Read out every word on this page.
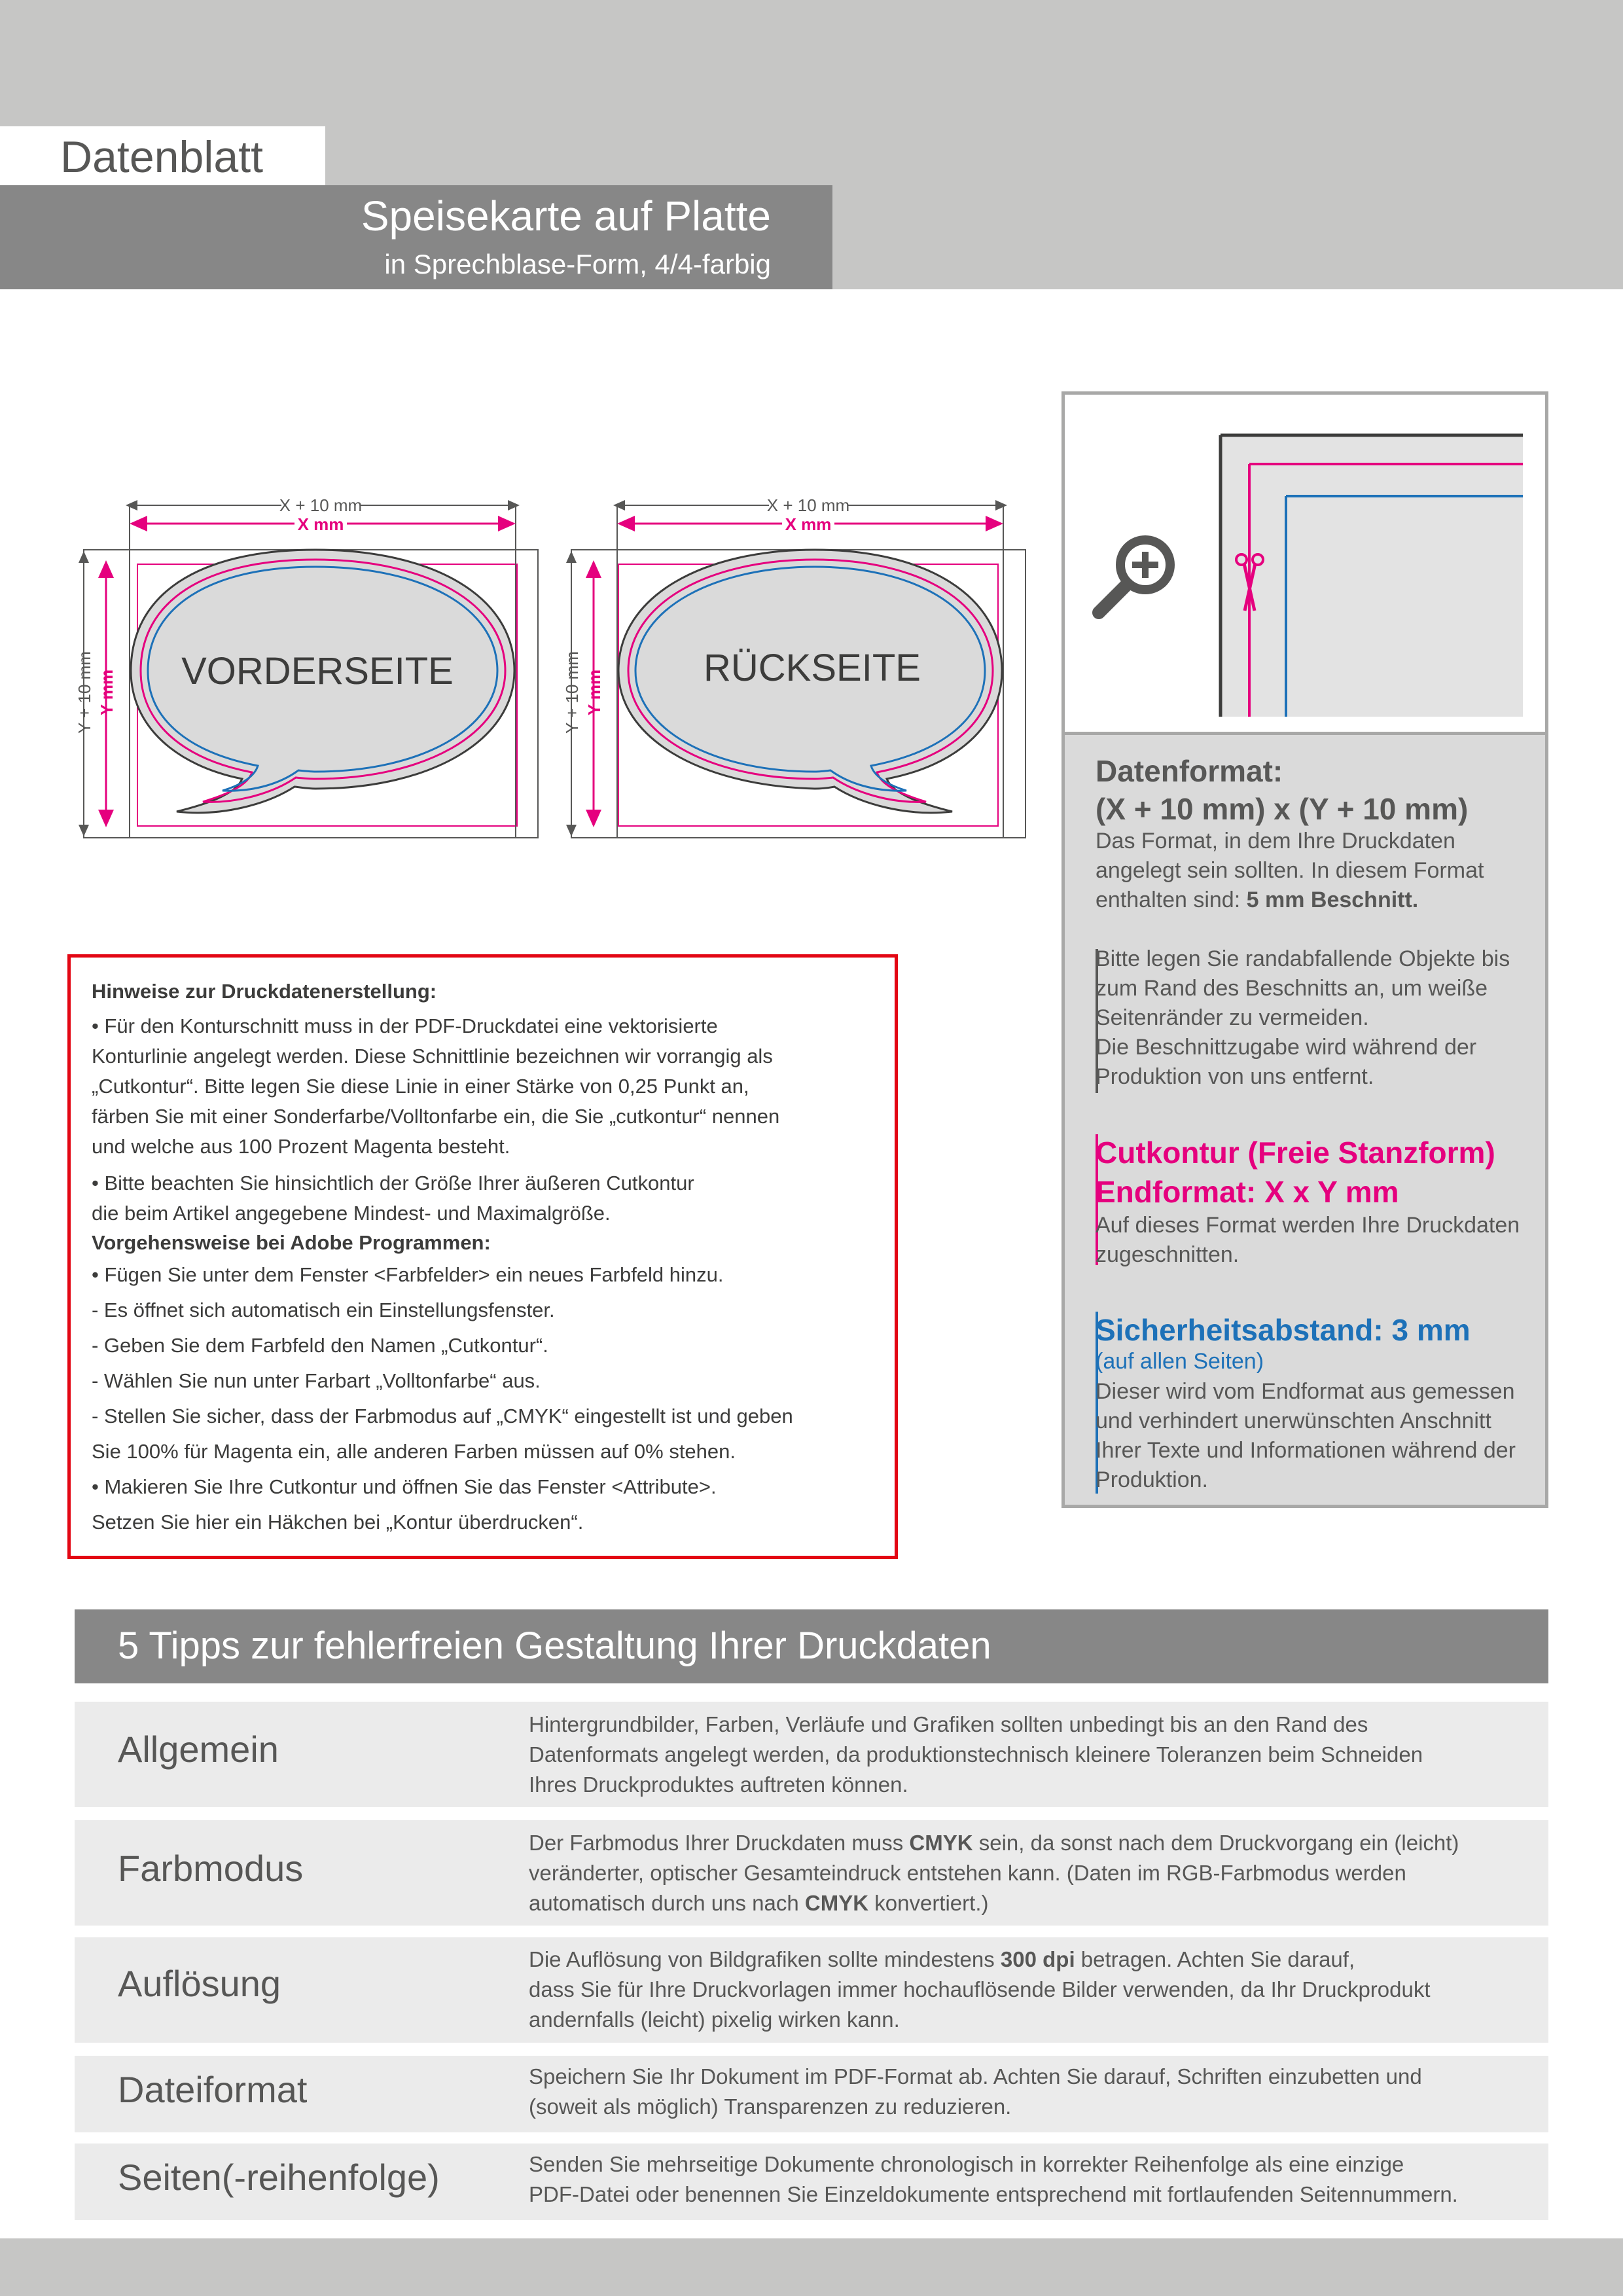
Datenblatt
Speisekarte auf Platte
in Sprechblase-Form, 4/4-farbig
VORDERSEITE
X + 10 mm
X mm
Y + 10 mm Y mm
RÜCKSEITE
X + 10 mm
X mm
Y + 10 mm Y mm
Datenformat:
(X + 10 mm) x (Y + 10 mm)
Das Format, in dem Ihre Druckdaten
angelegt sein sollten. In diesem Format
enthalten sind: 5 mm Beschnitt.
Bitte legen Sie randabfallende Objekte bis
zum Rand des Beschnitts an, um weiße
Seitenränder zu vermeiden.
Die Beschnittzugabe wird während der
Produktion von uns entfernt.
Cutkontur (Freie Stanzform)
Endformat: X x Y mm
Auf dieses Format werden Ihre Druckdaten
zugeschnitten.
Sicherheitsabstand: 3 mm
(auf allen Seiten)
Dieser wird vom Endformat aus gemessen
und verhindert unerwünschten Anschnitt
Ihrer Texte und Informationen während der
Produktion.
Hinweise zur Druckdatenerstellung:
• Für den Konturschnitt muss in der PDF-Druckdatei eine vektorisierte
Konturlinie angelegt werden. Diese Schnittlinie bezeichnen wir vorrangig als
„Cutkontur“. Bitte legen Sie diese Linie in einer Stärke von 0,25 Punkt an,
färben Sie mit einer Sonderfarbe/Volltonfarbe ein, die Sie „cutkontur“ nennen
und welche aus 100 Prozent Magenta besteht.
• Bitte beachten Sie hinsichtlich der Größe Ihrer äußeren Cutkontur
die beim Artikel angegebene Mindest- und Maximalgröße.
Vorgehensweise bei Adobe Programmen:
• Fügen Sie unter dem Fenster <Farbfelder> ein neues Farbfeld hinzu.
- Es öffnet sich automatisch ein Einstellungsfenster.
- Geben Sie dem Farbfeld den Namen „Cutkontur“.
- Wählen Sie nun unter Farbart „Volltonfarbe“ aus.
- Stellen Sie sicher, dass der Farbmodus auf „CMYK“ eingestellt ist und geben
Sie 100% für Magenta ein, alle anderen Farben müssen auf 0% stehen.
• Makieren Sie Ihre Cutkontur und öffnen Sie das Fenster <Attribute>.
Setzen Sie hier ein Häkchen bei „Kontur überdrucken“.
5 Tipps zur fehlerfreien Gestaltung Ihrer Druckdaten
Allgemein
Hintergrundbilder, Farben, Verläufe und Grafiken sollten unbedingt bis an den Rand des
Datenformats angelegt werden, da produktionstechnisch kleinere Toleranzen beim Schneiden
Ihres Druckproduktes auftreten können.
Farbmodus
Der Farbmodus Ihrer Druckdaten muss CMYK sein, da sonst nach dem Druckvorgang ein (leicht)
veränderter, optischer Gesamteindruck entstehen kann. (Daten im RGB-Farbmodus werden
automatisch durch uns nach CMYK konvertiert.)
Auflösung
Die Auflösung von Bildgrafiken sollte mindestens 300 dpi betragen. Achten Sie darauf,
dass Sie für Ihre Druckvorlagen immer hochauflösende Bilder verwenden, da Ihr Druckprodukt
andernfalls (leicht) pixelig wirken kann.
Dateiformat	Speichern Sie Ihr Dokument im PDF-Format ab. Achten Sie darauf, Schriften einzubetten und
(soweit als möglich) Transparenzen zu reduzieren.
Seiten(-reihenfolge)	Senden Sie mehrseitige Dokumente chronologisch in korrekter Reihenfolge als eine einzige
PDF-Datei oder benennen Sie Einzeldokumente entsprechend mit fortlaufenden Seitennummern.
